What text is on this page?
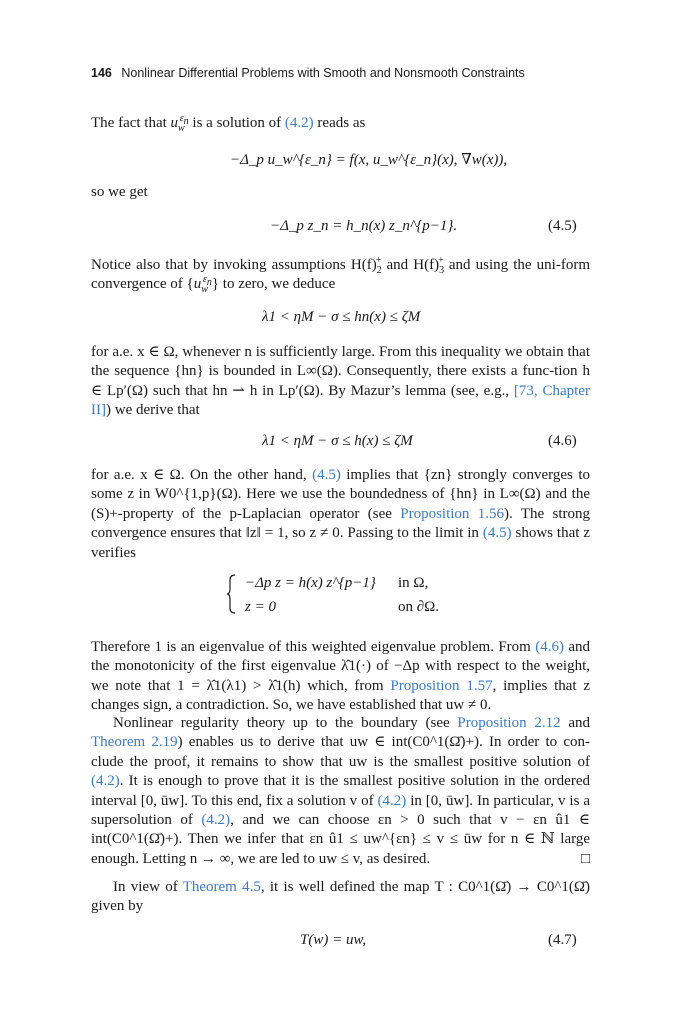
146 Nonlinear Differential Problems with Smooth and Nonsmooth Constraints
The fact that $u_w^{\varepsilon_n}$ is a solution of (4.2) reads as
−Δ_p u_w^{ε_n} = f(x, u_w^{ε_n}(x), ∇w(x)),
so we get
−Δ_p z_n = h_n(x) z_n^{p−1}.	(4.5)
Notice also that by invoking assumptions $H(f)_2^+$ and $H(f)_3^+$ and using the uni-form convergence of $\{u_w^{\varepsilon_n}\}$ to zero, we deduce
λ1 < ηM − σ ≤ hn(x) ≤ ζM
for a.e. x ∈ Ω, whenever n is sufficiently large. From this inequality we obtain that the sequence {hn} is bounded in L∞(Ω). Consequently, there exists a func-tion h ∈ Lp′(Ω) such that hn ⇀ h in Lp′(Ω). By Mazur’s lemma (see, e.g., [73, Chapter II]) we derive that
λ1 < ηM − σ ≤ h(x) ≤ ζM	(4.6)
for a.e. x ∈ Ω. On the other hand, (4.5) implies that {zn} strongly converges to some z in W0^{1,p}(Ω). Here we use the boundedness of {hn} in L∞(Ω) and the (S)+-property of the p-Laplacian operator (see Proposition 1.56). The strong convergence ensures that ‖z‖ = 1, so z ≠ 0. Passing to the limit in (4.5) shows that z verifies
−Δp z = h(x) z^{p−1} in Ω,
z = 0	on ∂Ω.
Therefore 1 is an eigenvalue of this weighted eigenvalue problem. From (4.6) and the monotonicity of the first eigenvalue λ̂1(·) of −Δp with respect to the weight, we note that 1 = λ̂1(λ1) > λ̂1(h) which, from Proposition 1.57, implies that z changes sign, a contradiction. So, we have established that uw ≠ 0.
Nonlinear regularity theory up to the boundary (see Proposition 2.12 and Theorem 2.19) enables us to derive that uw ∈ int(C0^1(Ω̄)+). In order to con-clude the proof, it remains to show that uw is the smallest positive solution of (4.2). It is enough to prove that it is the smallest positive solution in the ordered interval [0, ūw]. To this end, fix a solution v of (4.2) in [0, ūw]. In particular, v is a supersolution of (4.2), and we can choose εn > 0 such that v − εn û1 ∈ int(C0^1(Ω̄)+). Then we infer that εn û1 ≤ uw^{εn} ≤ v ≤ ūw for n ∈ ℕ large enough. Letting n → ∞, we are led to uw ≤ v, as desired.	□
In view of Theorem 4.5, it is well defined the map T : C0^1(Ω̄) → C0^1(Ω̄) given by
T(w) = uw,	(4.7)
